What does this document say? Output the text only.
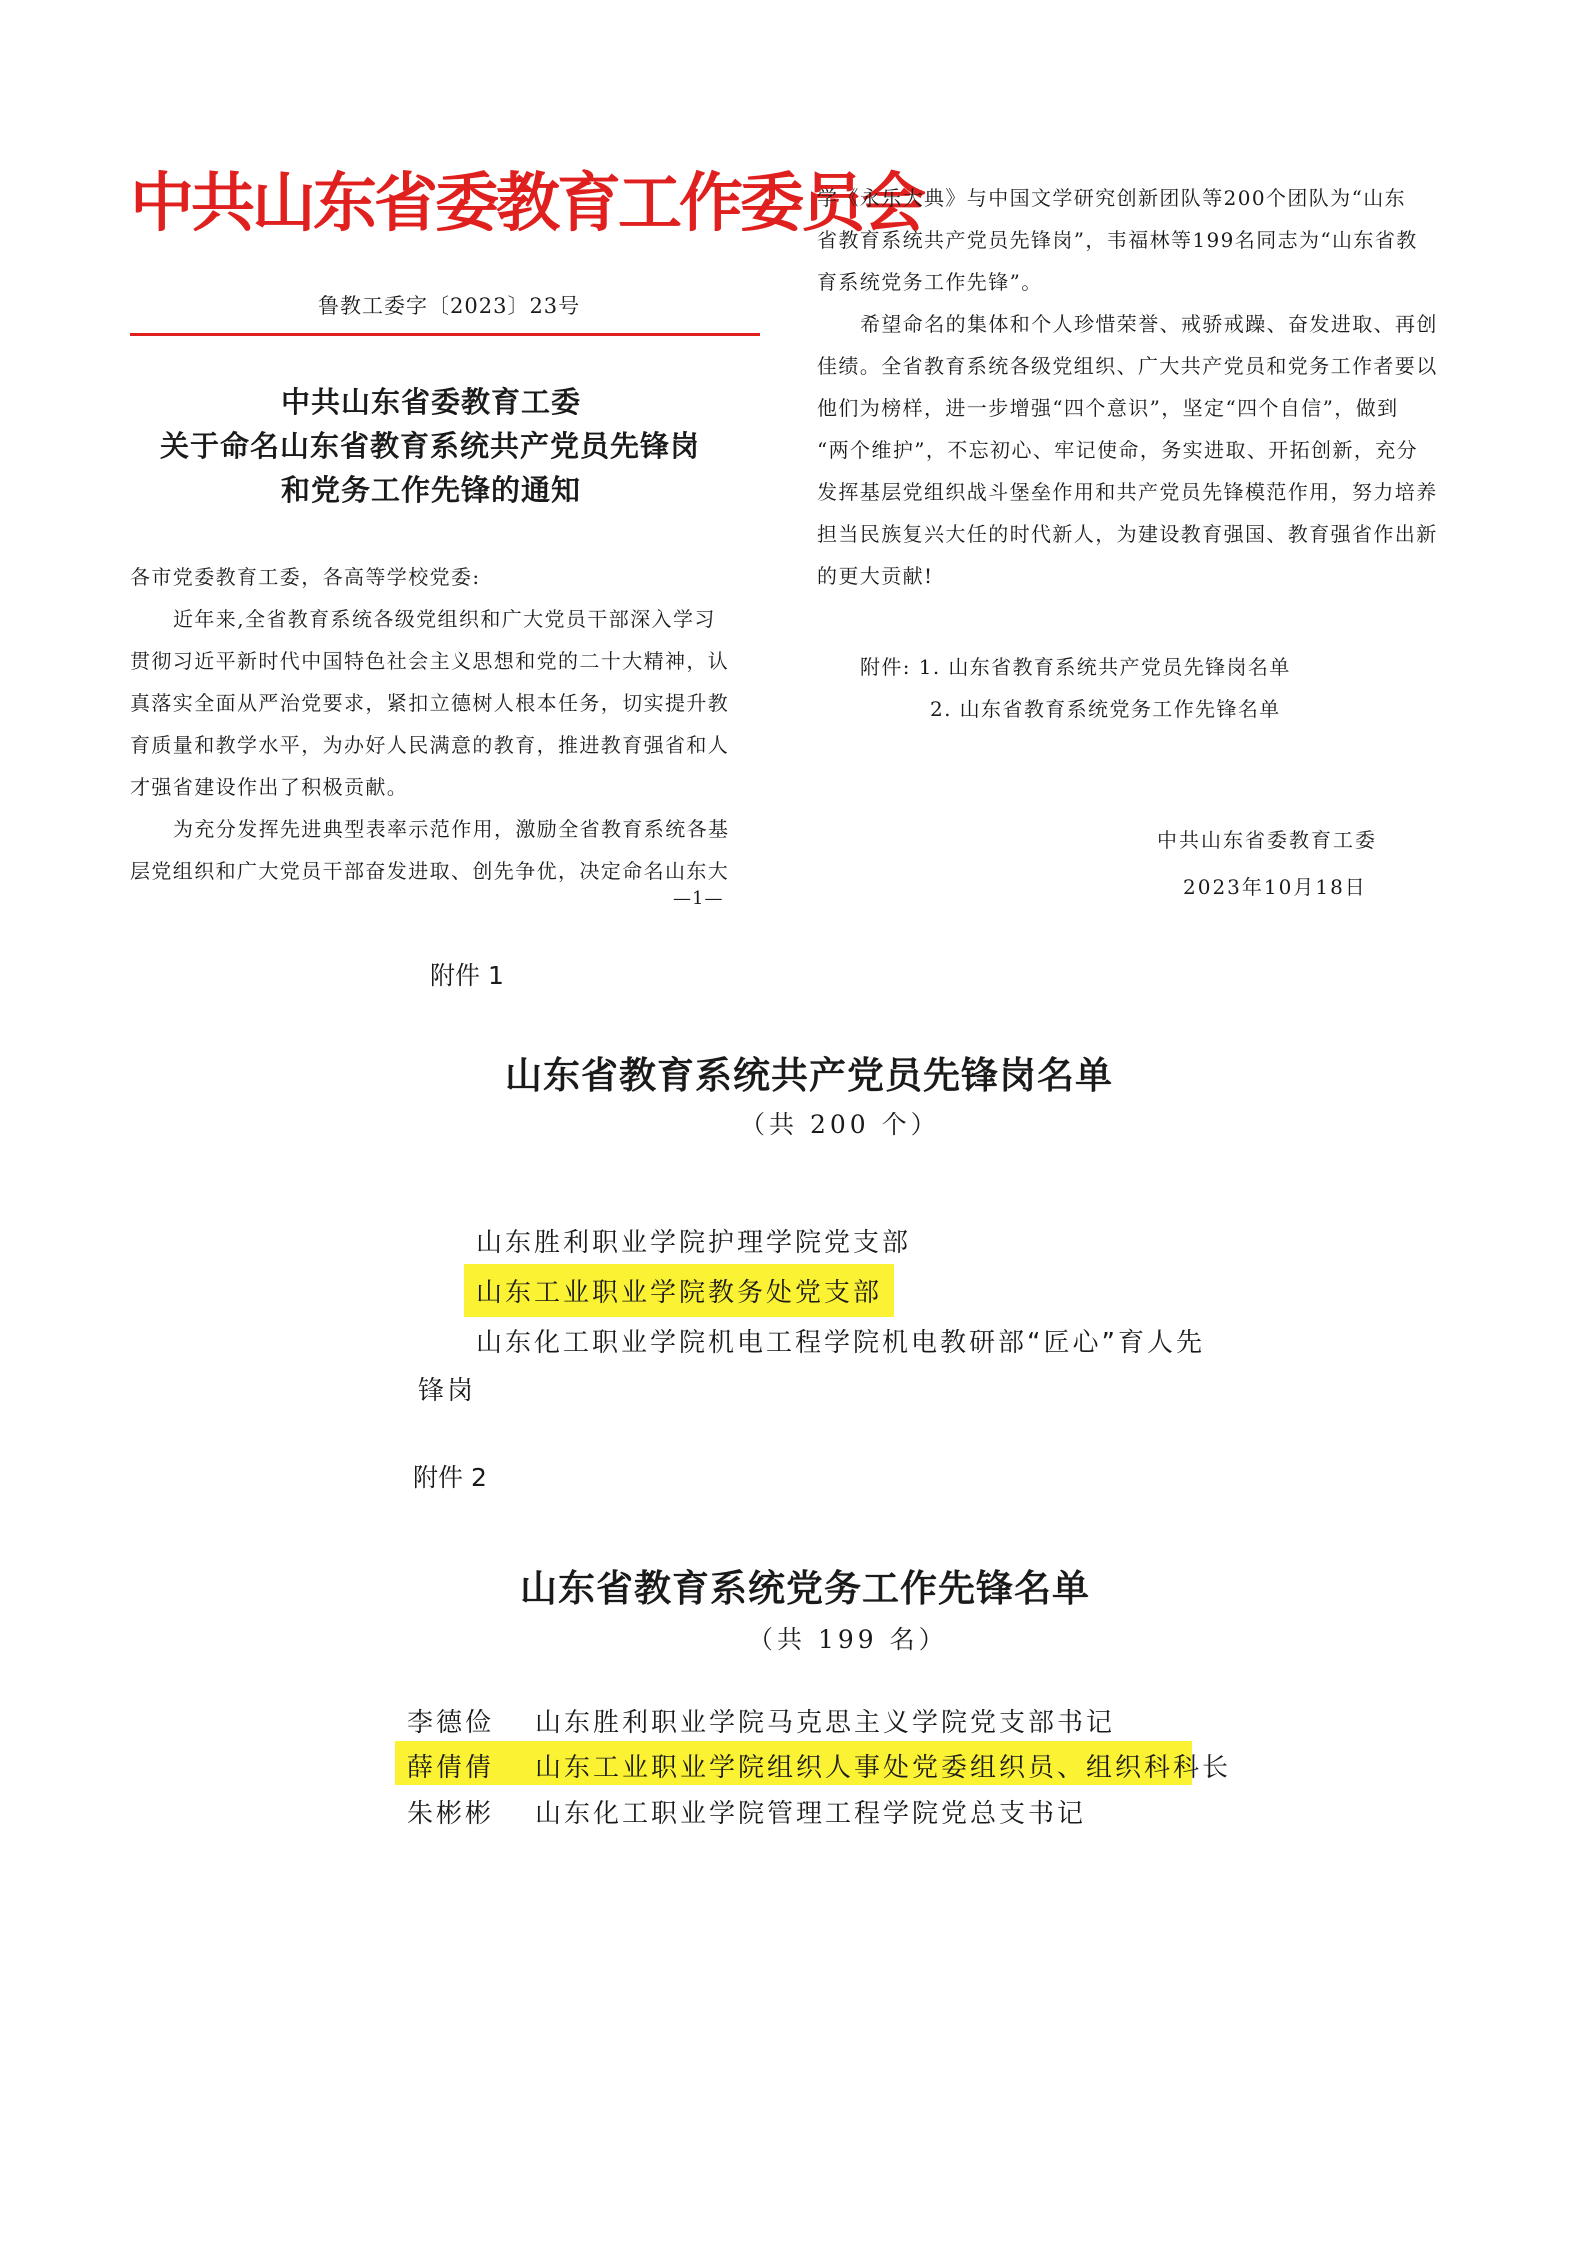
中共山东省委教育工作委员会
鲁教工委字〔2023〕23号
中共山东省委教育工委
关于命名山东省教育系统共产党员先锋岗
和党务工作先锋的通知
各市党委教育工委，各高等学校党委:
近年来,全省教育系统各级党组织和广大党员干部深入学习
贯彻习近平新时代中国特色社会主义思想和党的二十大精神，认
真落实全面从严治党要求，紧扣立德树人根本任务，切实提升教
育质量和教学水平，为办好人民满意的教育，推进教育强省和人
才强省建设作出了积极贡献。
为充分发挥先进典型表率示范作用，激励全省教育系统各基
层党组织和广大党员干部奋发进取、创先争优，决定命名山东大
—1—
学《永乐大典》与中国文学研究创新团队等200个团队为“山东
省教育系统共产党员先锋岗”，韦福林等199名同志为“山东省教
育系统党务工作先锋”。
希望命名的集体和个人珍惜荣誉、戒骄戒躁、奋发进取、再创
佳绩。全省教育系统各级党组织、广大共产党员和党务工作者要以
他们为榜样，进一步增强“四个意识”，坚定“四个自信”，做到
“两个维护”，不忘初心、牢记使命，务实进取、开拓创新，充分
发挥基层党组织战斗堡垒作用和共产党员先锋模范作用，努力培养
担当民族复兴大任的时代新人，为建设教育强国、教育强省作出新
的更大贡献!
附件: 1. 山东省教育系统共产党员先锋岗名单
2. 山东省教育系统党务工作先锋名单
中共山东省委教育工委
2023年10月18日
附件 1
山东省教育系统共产党员先锋岗名单
（共 200 个）
山东胜利职业学院护理学院党支部
山东工业职业学院教务处党支部
山东化工职业学院机电工程学院机电教研部“匠心”育人先
锋岗
附件 2
山东省教育系统党务工作先锋名单
（共 199 名）
李德俭 山东胜利职业学院马克思主义学院党支部书记
薛倩倩 山东工业职业学院组织人事处党委组织员、组织科科长
朱彬彬 山东化工职业学院管理工程学院党总支书记
